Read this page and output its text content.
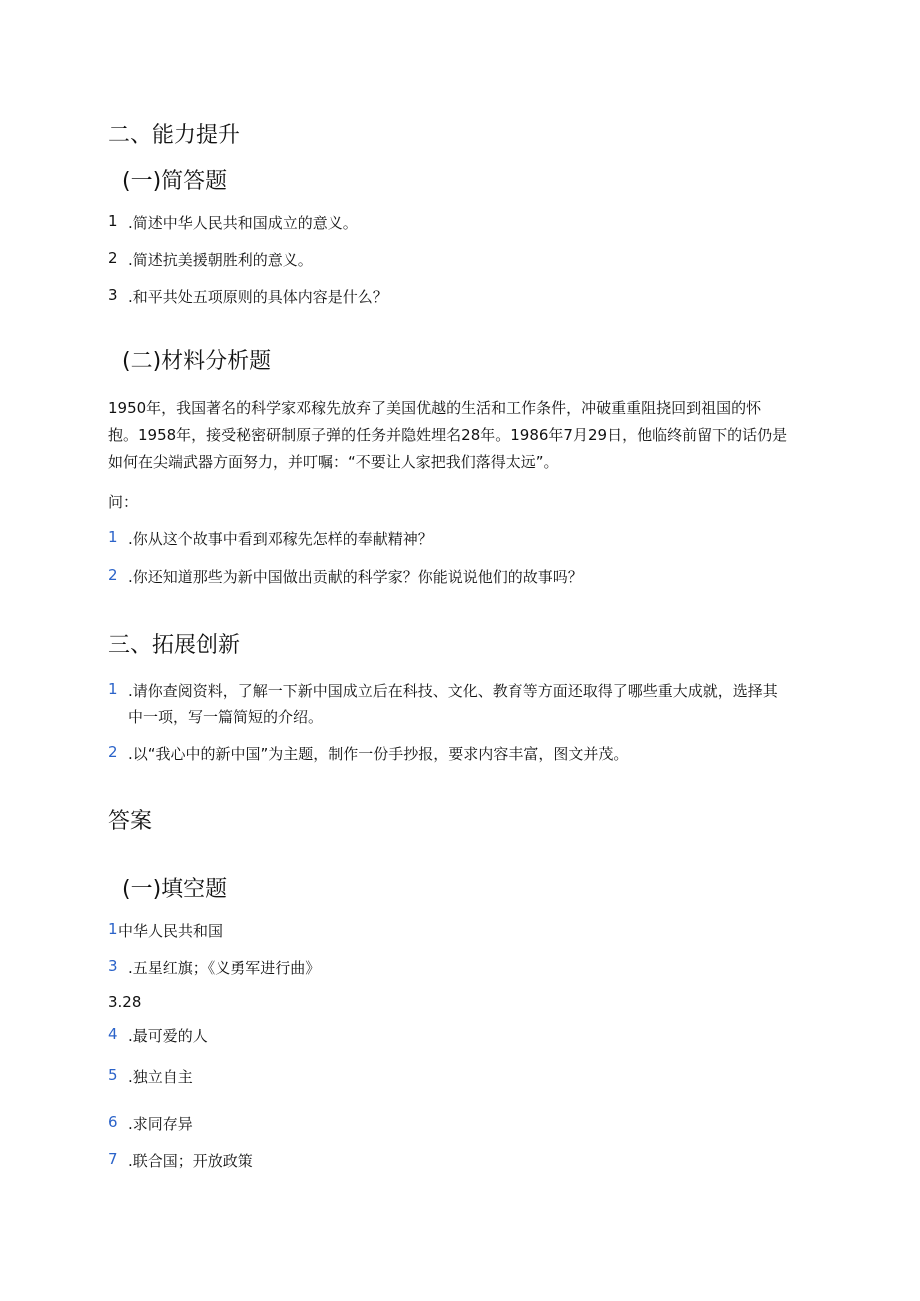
二、能力提升
(一)简答题
1 .简述中华人民共和国成立的意义。
2 .简述抗美援朝胜利的意义。
3 .和平共处五项原则的具体内容是什么？
(二)材料分析题
1950年，我国著名的科学家邓稼先放弃了美国优越的生活和工作条件，冲破重重阻挠回到祖国的怀
抱。1958年，接受秘密研制原子弹的任务并隐姓埋名28年。1986年7月29日，他临终前留下的话仍是
如何在尖端武器方面努力，并叮嘱：“不要让人家把我们落得太远”。
问：
1 .你从这个故事中看到邓稼先怎样的奉献精神？
2 .你还知道那些为新中国做出贡献的科学家？你能说说他们的故事吗？
三、拓展创新
1 .请你查阅资料，了解一下新中国成立后在科技、文化、教育等方面还取得了哪些重大成就，选择其
中一项，写一篇简短的介绍。
2 .以“我心中的新中国”为主题，制作一份手抄报，要求内容丰富，图文并茂。
答案
(一)填空题
1 中华人民共和国
3 .五星红旗；《义勇军进行曲》
3.28
4 .最可爱的人
5 .独立自主
6 .求同存异
7 .联合国；开放政策
